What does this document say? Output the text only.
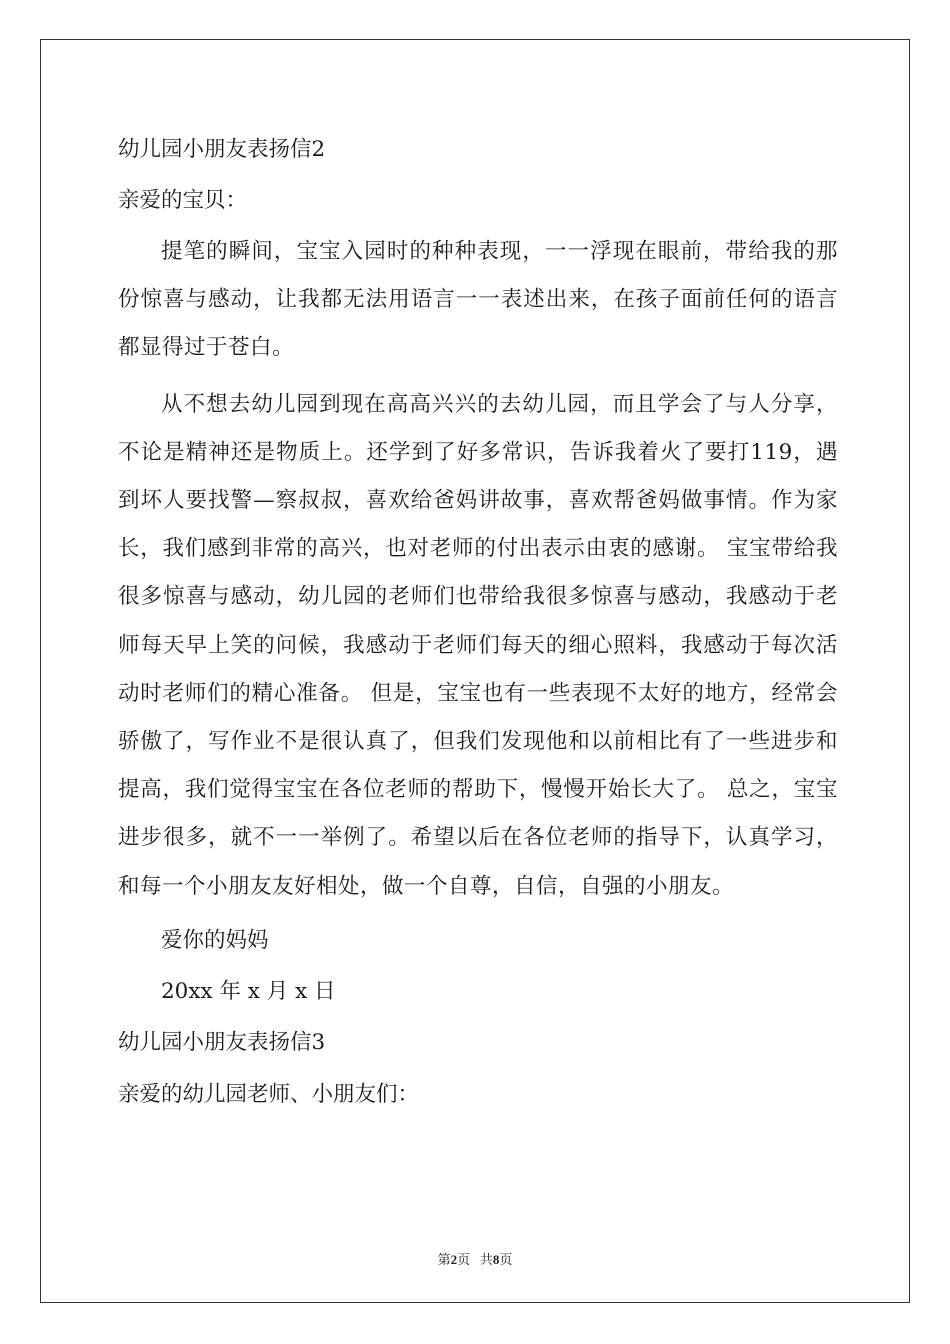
幼儿园小朋友表扬信2

亲爱的宝贝：

提笔的瞬间，宝宝入园时的种种表现，一一浮现在眼前，带给我的那份惊喜与感动，让我都无法用语言一一表述出来，在孩子面前任何的语言都显得过于苍白。

从不想去幼儿园到现在高高兴兴的去幼儿园，而且学会了与人分享，不论是精神还是物质上。还学到了好多常识，告诉我着火了要打119，遇到坏人要找警—察叔叔，喜欢给爸妈讲故事，喜欢帮爸妈做事情。作为家长，我们感到非常的高兴，也对老师的付出表示由衷的感谢。 宝宝带给我很多惊喜与感动，幼儿园的老师们也带给我很多惊喜与感动，我感动于老师每天早上笑的问候，我感动于老师们每天的细心照料，我感动于每次活动时老师们的精心准备。 但是，宝宝也有一些表现不太好的地方，经常会骄傲了，写作业不是很认真了，但我们发现他和以前相比有了一些进步和提高，我们觉得宝宝在各位老师的帮助下，慢慢开始长大了。 总之，宝宝进步很多，就不一一举例了。希望以后在各位老师的指导下，认真学习，和每一个小朋友友好相处，做一个自尊，自信，自强的小朋友。

爱你的妈妈

20xx 年 x 月 x 日

幼儿园小朋友表扬信3

亲爱的幼儿园老师、小朋友们：

第2页   共8页
